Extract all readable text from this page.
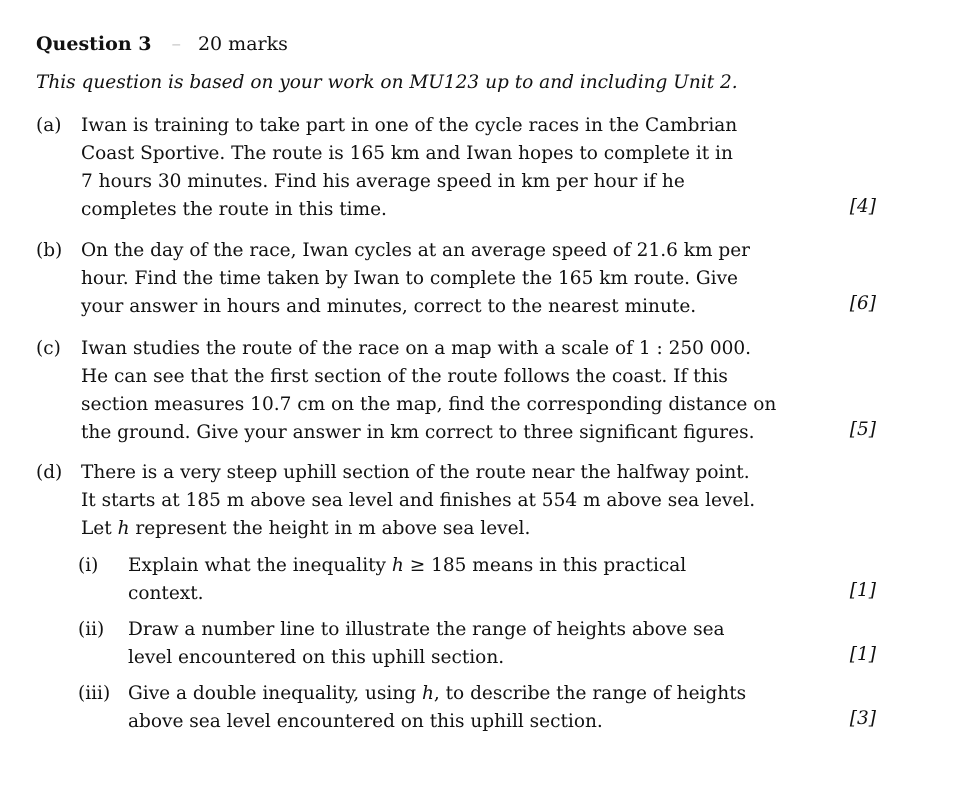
Question 3 – 20 marks
This question is based on your work on MU123 up to and including Unit 2.
(a)	Iwan is training to take part in one of the cycle races in the Cambrian
Coast Sportive. The route is 165 km and Iwan hopes to complete it in
7 hours 30 minutes. Find his average speed in km per hour if he
completes the route in this time.	[4]
(b)	On the day of the race, Iwan cycles at an average speed of 21.6 km per
hour. Find the time taken by Iwan to complete the 165 km route. Give
your answer in hours and minutes, correct to the nearest minute.	[6]
(c)	Iwan studies the route of the race on a map with a scale of 1 : 250 000.
He can see that the first section of the route follows the coast. If this
section measures 10.7 cm on the map, find the corresponding distance on
the ground. Give your answer in km correct to three significant figures.	[5]
(d)	There is a very steep uphill section of the route near the halfway point.
It starts at 185 m above sea level and finishes at 554 m above sea level.
Let h represent the height in m above sea level.
(i)	Explain what the inequality h ≥ 185 means in this practical
context.	[1]
(ii)	Draw a number line to illustrate the range of heights above sea
level encountered on this uphill section.	[1]
(iii) Give a double inequality, using h, to describe the range of heights
above sea level encountered on this uphill section.	[3]
